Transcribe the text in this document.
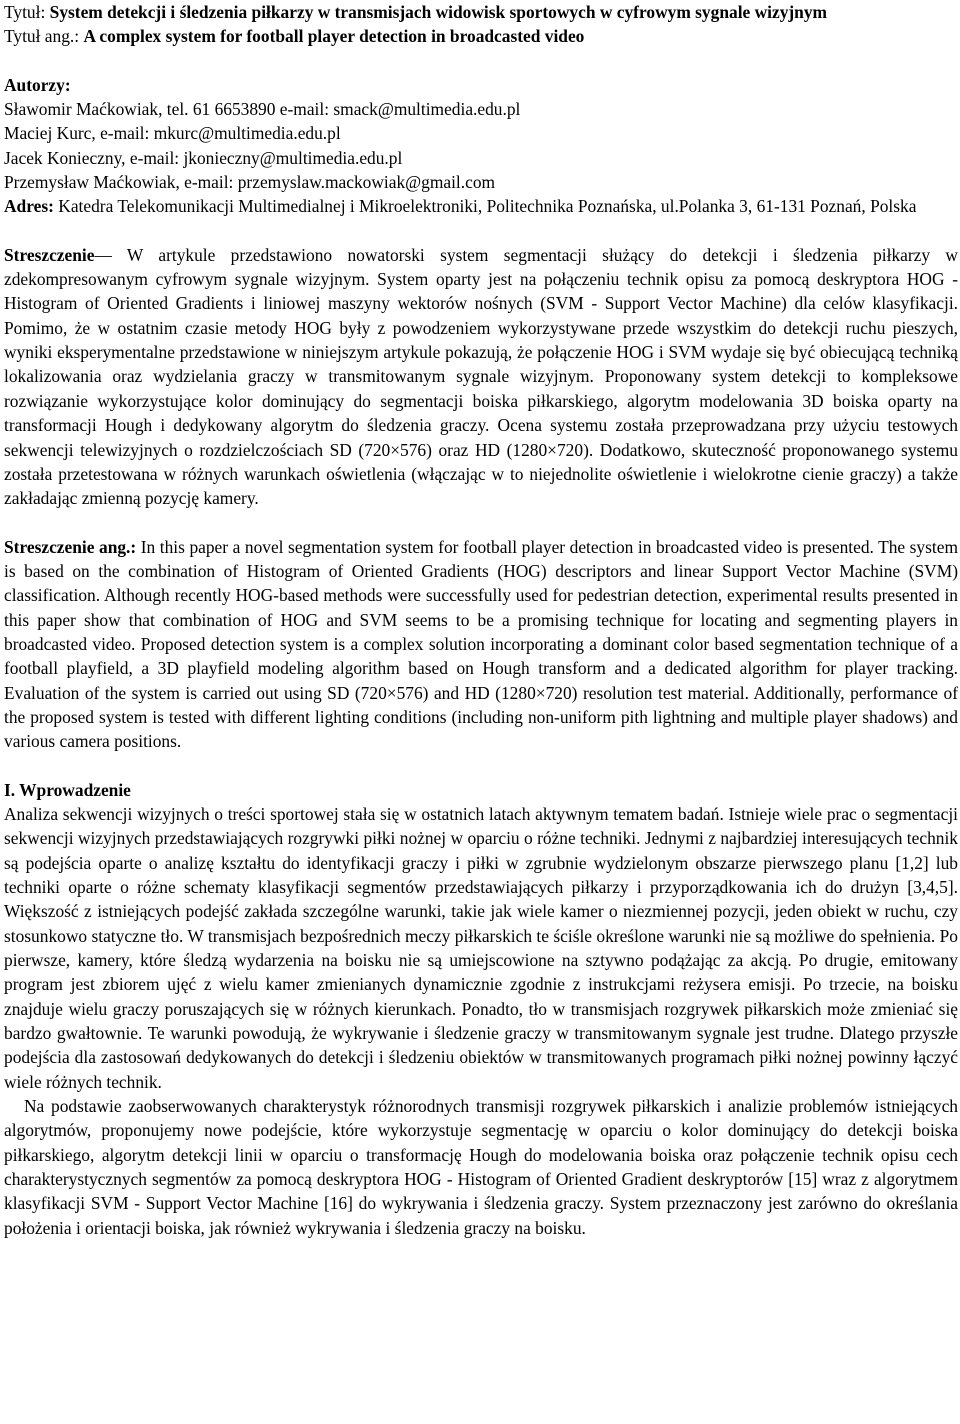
Tytuł: System detekcji i śledzenia piłkarzy w transmisjach widowisk sportowych w cyfrowym sygnale wizyjnym

Tytuł ang.: A complex system for football player detection in broadcasted video

Autorzy:

Sławomir Maćkowiak, tel. 61 6653890 e-mail: smack@multimedia.edu.pl

Maciej Kurc, e-mail: mkurc@multimedia.edu.pl

Jacek Konieczny, e-mail: jkonieczny@multimedia.edu.pl

Przemysław Maćkowiak, e-mail: przemyslaw.mackowiak@gmail.com

Adres: Katedra Telekomunikacji Multimedialnej i Mikroelektroniki, Politechnika Poznańska, ul.Polanka 3, 61-131 Poznań, Polska

Streszczenie— W artykule przedstawiono nowatorski system segmentacji służący do detekcji i śledzenia piłkarzy w zdekompresowanym cyfrowym sygnale wizyjnym. System oparty jest na połączeniu technik opisu za pomocą deskryptora HOG - Histogram of Oriented Gradients i liniowej maszyny wektorów nośnych (SVM - Support Vector Machine) dla celów klasyfikacji. Pomimo, że w ostatnim czasie metody HOG były z powodzeniem wykorzystywane przede wszystkim do detekcji ruchu pieszych, wyniki eksperymentalne przedstawione w niniejszym artykule pokazują, że połączenie HOG i SVM wydaje się być obiecującą techniką lokalizowania oraz wydzielania graczy w transmitowanym sygnale wizyjnym. Proponowany system detekcji to kompleksowe rozwiązanie wykorzystujące kolor dominujący do segmentacji boiska piłkarskiego, algorytm modelowania 3D boiska oparty na transformacji Hough i dedykowany algorytm do śledzenia graczy. Ocena systemu została przeprowadzana przy użyciu testowych sekwencji telewizyjnych o rozdzielczościach SD (720×576) oraz HD (1280×720). Dodatkowo, skuteczność proponowanego systemu została przetestowana w różnych warunkach oświetlenia (włączając w to niejednolite oświetlenie i wielokrotne cienie graczy) a także zakładając zmienną pozycję kamery.

Streszczenie ang.: In this paper a novel segmentation system for football player detection in broadcasted video is presented. The system is based on the combination of Histogram of Oriented Gradients (HOG) descriptors and linear Support Vector Machine (SVM) classification. Although recently HOG-based methods were successfully used for pedestrian detection, experimental results presented in this paper show that combination of HOG and SVM seems to be a promising technique for locating and segmenting players in broadcasted video. Proposed detection system is a complex solution incorporating a dominant color based segmentation technique of a football playfield, a 3D playfield modeling algorithm based on Hough transform and a dedicated algorithm for player tracking. Evaluation of the system is carried out using SD (720×576) and HD (1280×720) resolution test material. Additionally, performance of the proposed system is tested with different lighting conditions (including non-uniform pith lightning and multiple player shadows) and various camera positions.

I. Wprowadzenie

Analiza sekwencji wizyjnych o treści sportowej stała się w ostatnich latach aktywnym tematem badań. Istnieje wiele prac o segmentacji sekwencji wizyjnych przedstawiających rozgrywki piłki nożnej w oparciu o różne techniki. Jednymi z najbardziej interesujących technik są podejścia oparte o analizę kształtu do identyfikacji graczy i piłki w zgrubnie wydzielonym obszarze pierwszego planu [1,2] lub techniki oparte o różne schematy klasyfikacji segmentów przedstawiających piłkarzy i przyporządkowania ich do drużyn [3,4,5]. Większość z istniejących podejść zakłada szczególne warunki, takie jak wiele kamer o niezmiennej pozycji, jeden obiekt w ruchu, czy stosunkowo statyczne tło. W transmisjach bezpośrednich meczy piłkarskich te ściśle określone warunki nie są możliwe do spełnienia. Po pierwsze, kamery, które śledzą wydarzenia na boisku nie są umiejscowione na sztywno podążając za akcją. Po drugie, emitowany program jest zbiorem ujęć z wielu kamer zmienianych dynamicznie zgodnie z instrukcjami reżysera emisji. Po trzecie, na boisku znajduje wielu graczy poruszających się w różnych kierunkach. Ponadto, tło w transmisjach rozgrywek piłkarskich może zmieniać się bardzo gwałtownie. Te warunki powodują, że wykrywanie i śledzenie graczy w transmitowanym sygnale jest trudne. Dlatego przyszłe podejścia dla zastosowań dedykowanych do detekcji i śledzeniu obiektów w transmitowanych programach piłki nożnej powinny łączyć wiele różnych technik.

Na podstawie zaobserwowanych charakterystyk różnorodnych transmisji rozgrywek piłkarskich i analizie problemów istniejących algorytmów, proponujemy nowe podejście, które wykorzystuje segmentację w oparciu o kolor dominujący do detekcji boiska piłkarskiego, algorytm detekcji linii w oparciu o transformację Hough do modelowania boiska oraz połączenie technik opisu cech charakterystycznych segmentów za pomocą deskryptora HOG - Histogram of Oriented Gradient deskryptorów [15] wraz z algorytmem klasyfikacji SVM - Support Vector Machine [16] do wykrywania i śledzenia graczy. System przeznaczony jest zarówno do określania położenia i orientacji boiska, jak również wykrywania i śledzenia graczy na boisku.
